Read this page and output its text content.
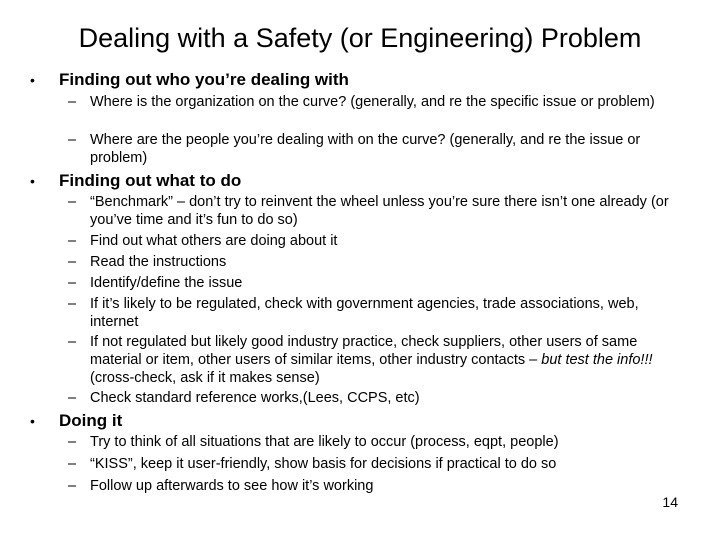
Dealing with a Safety (or Engineering) Problem
• Finding out who you’re dealing with
– Where is the organization on the curve? (generally, and re the specific issue or problem)
– Where are the people you’re dealing with on the curve? (generally, and re the issue or problem)
• Finding out what to do
– “Benchmark” – don’t try to reinvent the wheel unless you’re sure there isn’t one already (or you’ve time and it’s fun to do so)
– Find out what others are doing about it
– Read the instructions
– Identify/define the issue
– If it’s likely to be regulated, check with government agencies, trade associations, web, internet
– If not regulated but likely good industry practice, check suppliers, other users of same material or item, other users of similar items, other industry contacts – but test the info!!! (cross-check, ask if it makes sense)
– Check standard reference works,(Lees, CCPS, etc)
• Doing it
– Try to think of all situations that are likely to occur (process, eqpt, people)
– “KISS”, keep it user-friendly, show basis for decisions if practical to do so
– Follow up afterwards to see how it’s working
14
